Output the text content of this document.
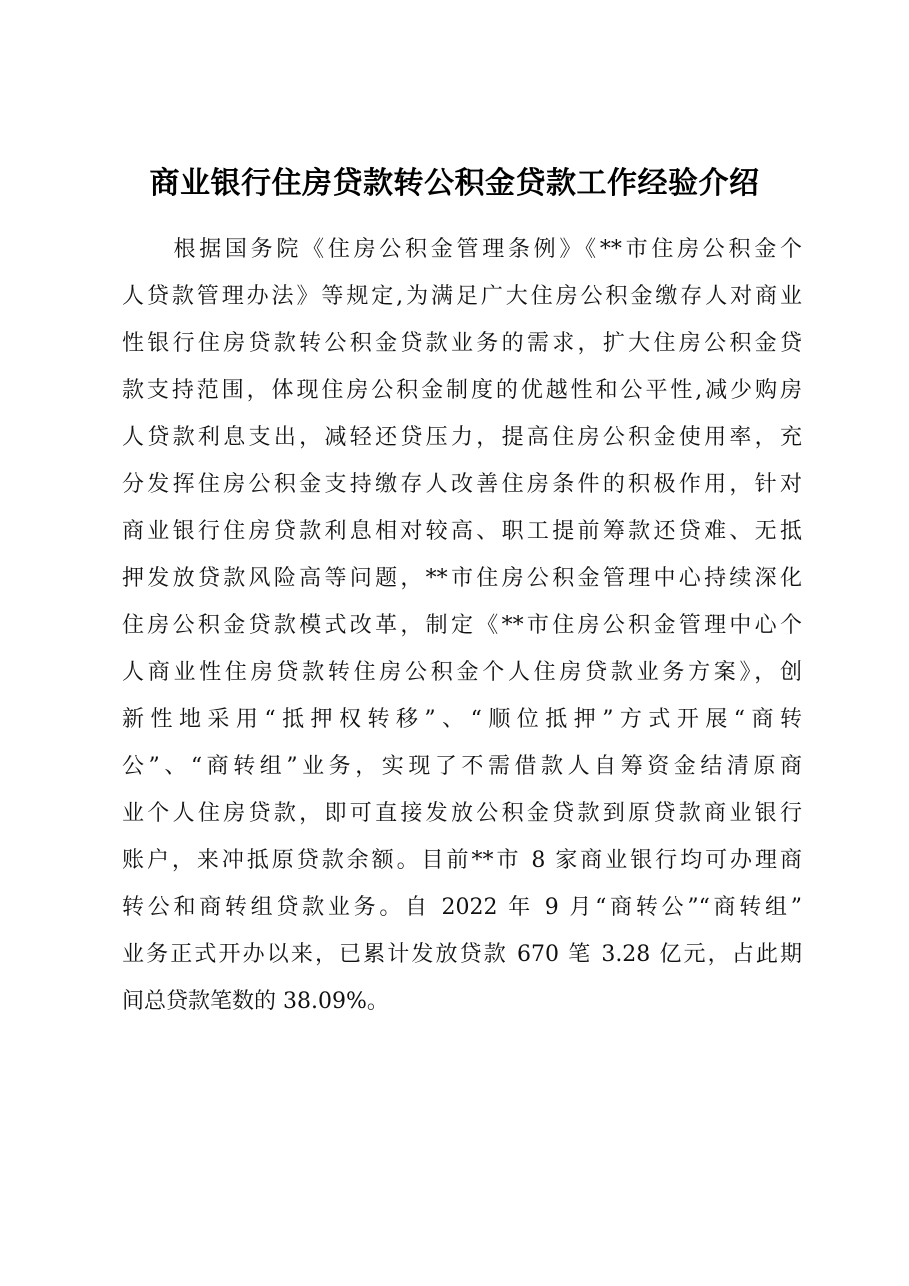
商业银行住房贷款转公积金贷款工作经验介绍
　　根据国务院《住房公积金管理条例》《**市住房公积金个
人贷款管理办法》等规定,为满足广大住房公积金缴存人对商业
性银行住房贷款转公积金贷款业务的需求，扩大住房公积金贷
款支持范围，体现住房公积金制度的优越性和公平性,减少购房
人贷款利息支出，减轻还贷压力，提高住房公积金使用率，充
分发挥住房公积金支持缴存人改善住房条件的积极作用，针对
商业银行住房贷款利息相对较高、职工提前筹款还贷难、无抵
押发放贷款风险高等问题，**市住房公积金管理中心持续深化
住房公积金贷款模式改革，制定《**市住房公积金管理中心个
人商业性住房贷款转住房公积金个人住房贷款业务方案》，创
新性地采用“抵押权转移”、“顺位抵押”方式开展“商转
公”、“商转组”业务，实现了不需借款人自筹资金结清原商
业个人住房贷款，即可直接发放公积金贷款到原贷款商业银行
账户，来冲抵原贷款余额。目前**市 8 家商业银行均可办理商
转公和商转组贷款业务。自 2022 年 9 月“商转公”“商转组”
业务正式开办以来，已累计发放贷款 670 笔 3.28 亿元，占此期
间总贷款笔数的 38.09%。
